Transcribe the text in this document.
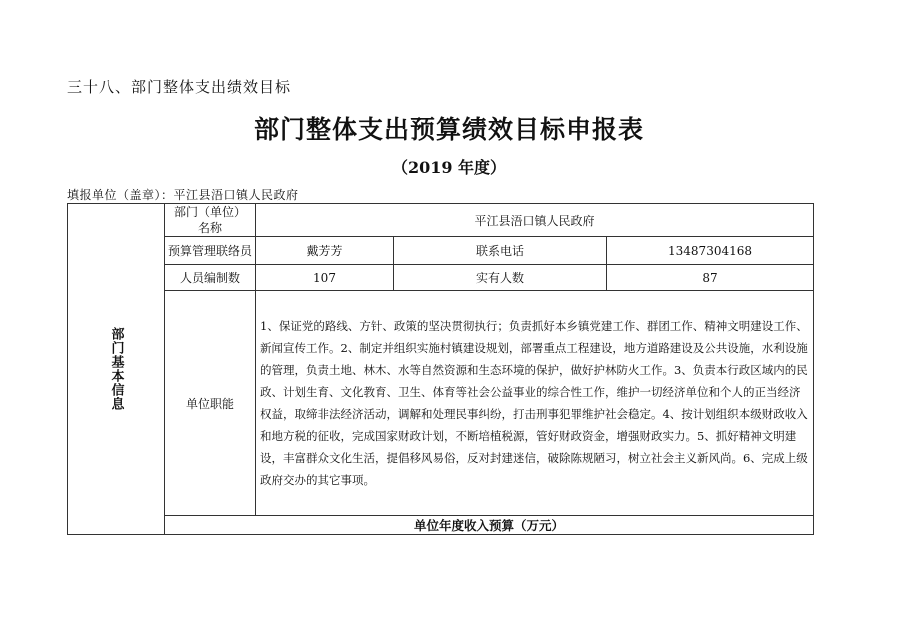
三十八、部门整体支出绩效目标
部门整体支出预算绩效目标申报表
（2019 年度）
填报单位（盖章）：平江县浯口镇人民政府
部门基本信息	部门（单位）名称	平江县浯口镇人民政府		
	预算管理联络员	戴芳芳	联系电话	13487304168
	人员编制数	107	实有人数	87
	单位职能	1、保证党的路线、方针、政策的坚决贯彻执行；负责抓好本乡镇党建工作、群团工作、精神文明建设工作、新闻宣传工作。2、制定并组织实施村镇建设规划，部署重点工程建设，地方道路建设及公共设施，水利设施的管理，负责土地、林木、水等自然资源和生态环境的保护，做好护林防火工作。3、负责本行政区域内的民政、计划生育、文化教育、卫生、体育等社会公益事业的综合性工作，维护一切经济单位和个人的正当经济权益，取缔非法经济活动，调解和处理民事纠纷，打击刑事犯罪维护社会稳定。4、按计划组织本级财政收入和地方税的征收，完成国家财政计划，不断培植税源，管好财政资金，增强财政实力。5、抓好精神文明建设，丰富群众文化生活，提倡移风易俗，反对封建迷信，破除陈规陋习，树立社会主义新风尚。6、完成上级政府交办的其它事项。		
	单位年度收入预算（万元）			
